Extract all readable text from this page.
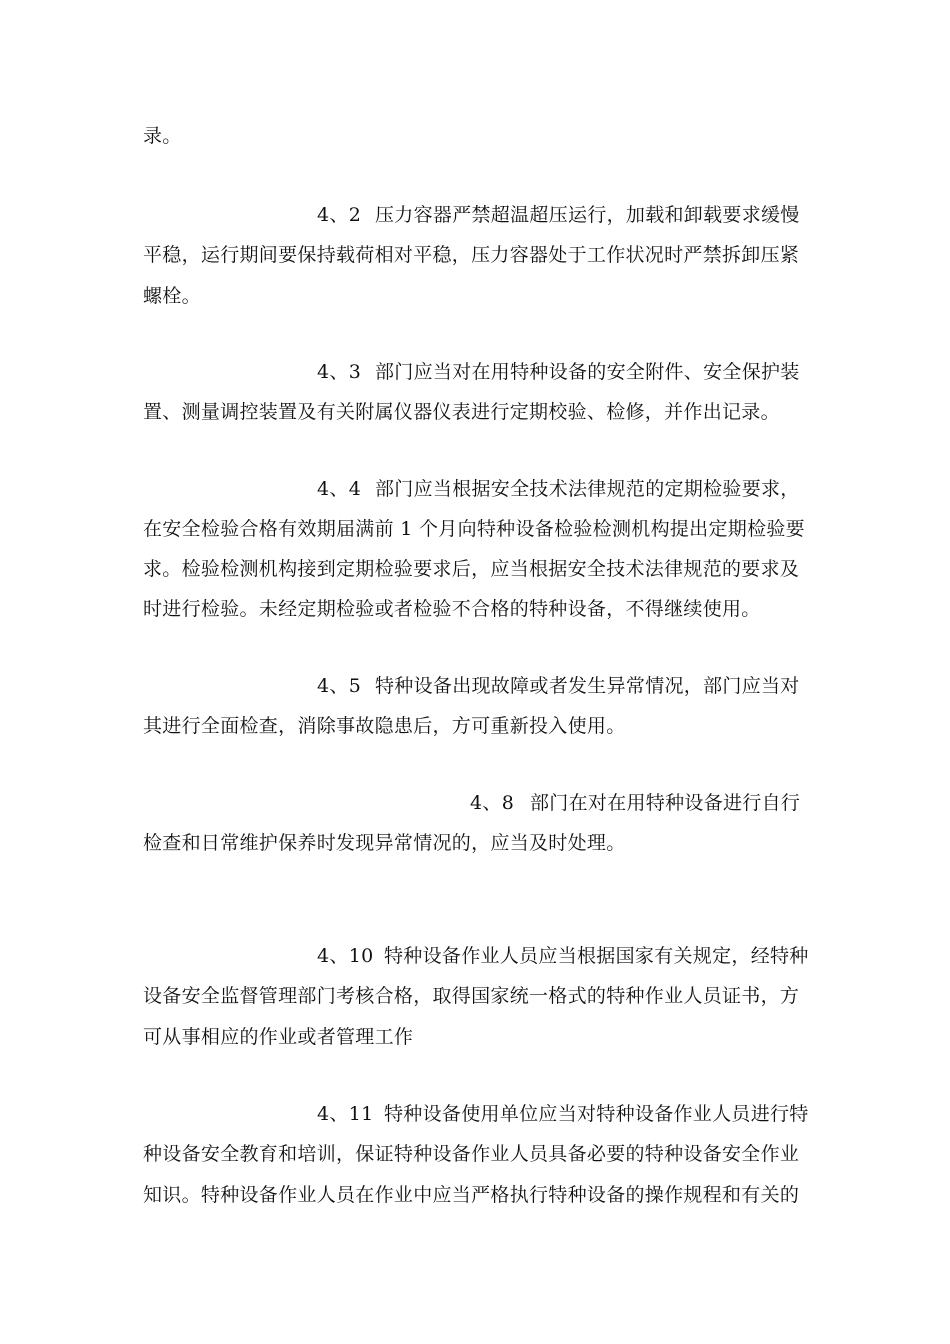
录。
4、2 压力容器严禁超温超压运行，加载和卸载要求缓慢
平稳，运行期间要保持载荷相对平稳，压力容器处于工作状况时严禁拆卸压紧
螺栓。
4、3 部门应当对在用特种设备的安全附件、安全保护装
置、测量调控装置及有关附属仪器仪表进行定期校验、检修，并作出记录。
4、4 部门应当根据安全技术法律规范的定期检验要求，
在安全检验合格有效期届满前 1 个月向特种设备检验检测机构提出定期检验要
求。检验检测机构接到定期检验要求后，应当根据安全技术法律规范的要求及
时进行检验。未经定期检验或者检验不合格的特种设备，不得继续使用。
4、5 特种设备出现故障或者发生异常情况，部门应当对
其进行全面检查，消除事故隐患后，方可重新投入使用。
4、8 部门在对在用特种设备进行自行
检查和日常维护保养时发现异常情况的，应当及时处理。
4、10 特种设备作业人员应当根据国家有关规定，经特种
设备安全监督管理部门考核合格，取得国家统一格式的特种作业人员证书，方
可从事相应的作业或者管理工作
4、11 特种设备使用单位应当对特种设备作业人员进行特
种设备安全教育和培训，保证特种设备作业人员具备必要的特种设备安全作业
知识。特种设备作业人员在作业中应当严格执行特种设备的操作规程和有关的
